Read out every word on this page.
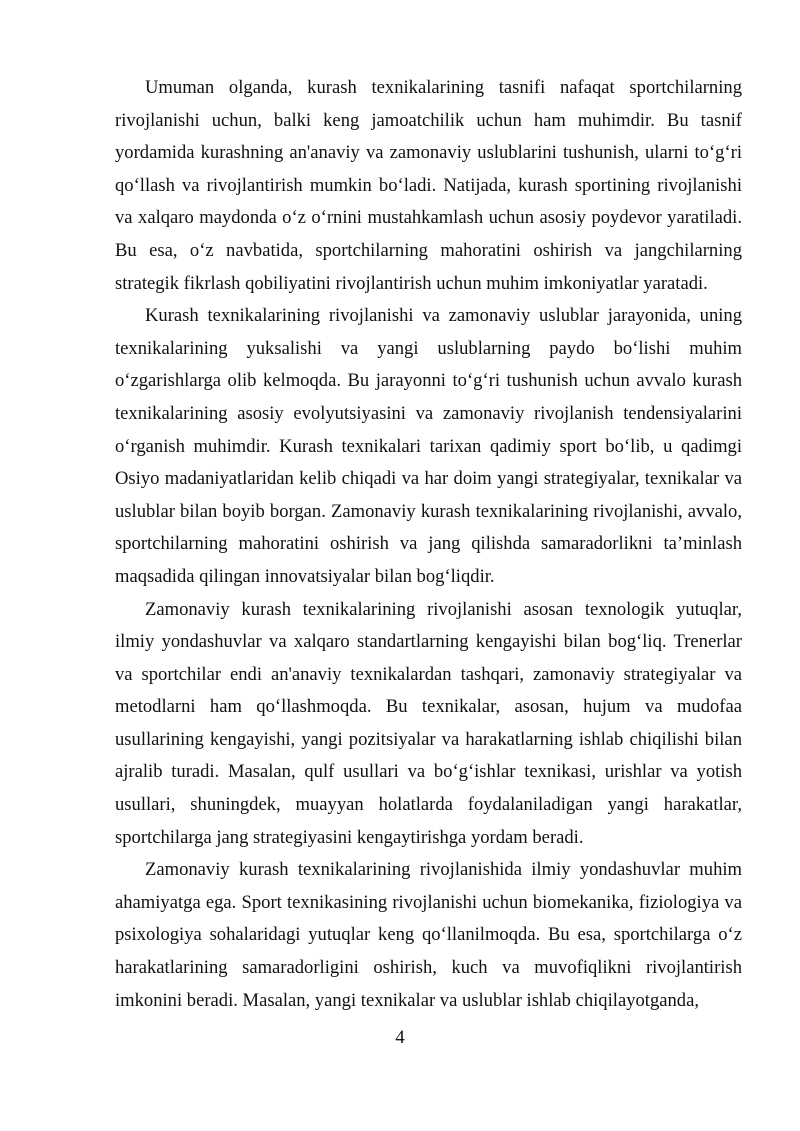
Umuman olganda, kurash texnikalarining tasnifi nafaqat sportchilarning rivojlanishi uchun, balki keng jamoatchilik uchun ham muhimdir. Bu tasnif yordamida kurashning an'anaviy va zamonaviy uslublarini tushunish, ularni to‘g‘ri qo‘llash va rivojlantirish mumkin bo‘ladi. Natijada, kurash sportining rivojlanishi va xalqaro maydonda o‘z o‘rnini mustahkamlash uchun asosiy poydevor yaratiladi. Bu esa, o‘z navbatida, sportchilarning mahoratini oshirish va jangchilarning strategik fikrlash qobiliyatini rivojlantirish uchun muhim imkoniyatlar yaratadi.

Kurash texnikalarining rivojlanishi va zamonaviy uslublar jarayonida, uning texnikalarining yuksalishi va yangi uslublarning paydo bo‘lishi muhim o‘zgarishlarga olib kelmoqda. Bu jarayonni to‘g‘ri tushunish uchun avvalo kurash texnikalarining asosiy evolyutsiyasini va zamonaviy rivojlanish tendensiyalarini o‘rganish muhimdir. Kurash texnikalari tarixan qadimiy sport bo‘lib, u qadimgi Osiyo madaniyatlaridan kelib chiqadi va har doim yangi strategiyalar, texnikalar va uslublar bilan boyib borgan. Zamonaviy kurash texnikalarining rivojlanishi, avvalo, sportchilarning mahoratini oshirish va jang qilishda samaradorlikni ta’minlash maqsadida qilingan innovatsiyalar bilan bog‘liqdir.

Zamonaviy kurash texnikalarining rivojlanishi asosan texnologik yutuqlar, ilmiy yondashuvlar va xalqaro standartlarning kengayishi bilan bog‘liq. Trenerlar va sportchilar endi an'anaviy texnikalardan tashqari, zamonaviy strategiyalar va metodlarni ham qo‘llashmoqda. Bu texnikalar, asosan, hujum va mudofaa usullarining kengayishi, yangi pozitsiyalar va harakatlarning ishlab chiqilishi bilan ajralib turadi. Masalan, qulf usullari va bo‘g‘ishlar texnikasi, urishlar va yotish usullari, shuningdek, muayyan holatlarda foydalaniladigan yangi harakatlar, sportchilarga jang strategiyasini kengaytirishga yordam beradi.

Zamonaviy kurash texnikalarining rivojlanishida ilmiy yondashuvlar muhim ahamiyatga ega. Sport texnikasining rivojlanishi uchun biomekanika, fiziologiya va psixologiya sohalaridagi yutuqlar keng qo‘llanilmoqda. Bu esa, sportchilarga o‘z harakatlarining samaradorligini oshirish, kuch va muvofiqlikni rivojlantirish imkonini beradi. Masalan, yangi texnikalar va uslublar ishlab chiqilayotganda,

4
